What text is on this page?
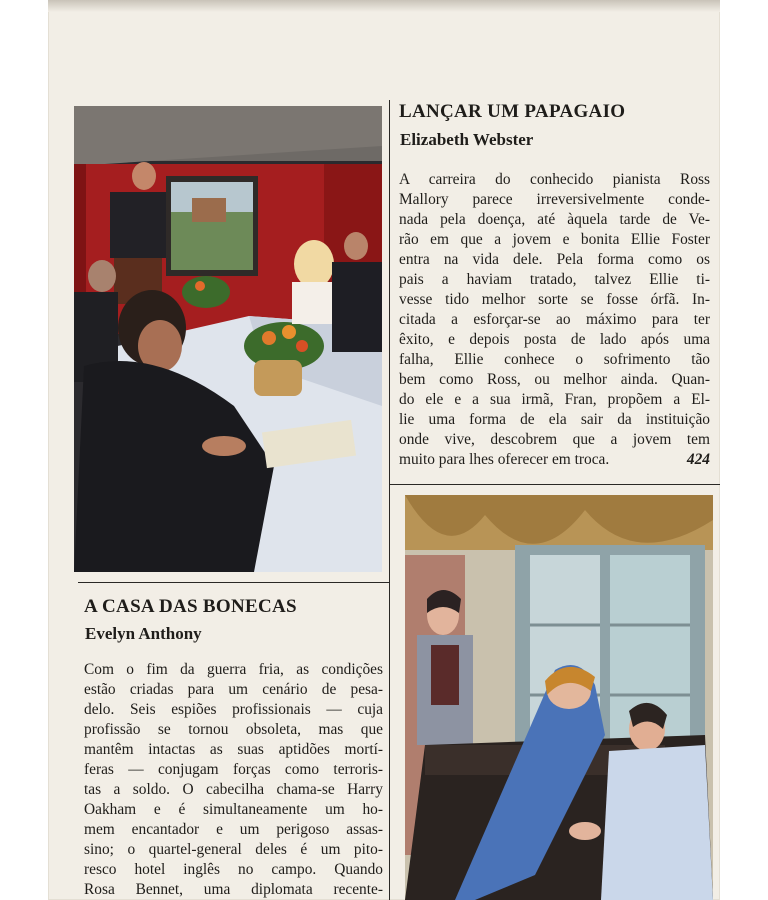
LANÇAR UM PAPAGAIO
Elizabeth Webster
A carreira do conhecido pianista Ross
Mallory parece irreversivelmente conde-
nada pela doença, até àquela tarde de Ve-
rão em que a jovem e bonita Ellie Foster
entra na vida dele. Pela forma como os
pais a haviam tratado, talvez Ellie ti-
vesse tido melhor sorte se fosse órfã. In-
citada a esforçar-se ao máximo para ter
êxito, e depois posta de lado após uma
falha, Ellie conhece o sofrimento tão
bem como Ross, ou melhor ainda. Quan-
do ele e a sua irmã, Fran, propõem a El-
lie uma forma de ela sair da instituição
onde vive, descobrem que a jovem tem
muito para lhes oferecer em troca.	424
A CASA DAS BONECAS
Evelyn Anthony
Com o fim da guerra fria, as condições
estão criadas para um cenário de pesa-
delo. Seis espiões profissionais — cuja
profissão se tornou obsoleta, mas que
mantêm intactas as suas aptidões mortí-
feras — conjugam forças como terroris-
tas a soldo. O cabecilha chama-se Harry
Oakham e é simultaneamente um ho-
mem encantador e um perigoso assas-
sino; o quartel-general deles é um pito-
resco hotel inglês no campo. Quando
Rosa Bennet, uma diplomata recente-
